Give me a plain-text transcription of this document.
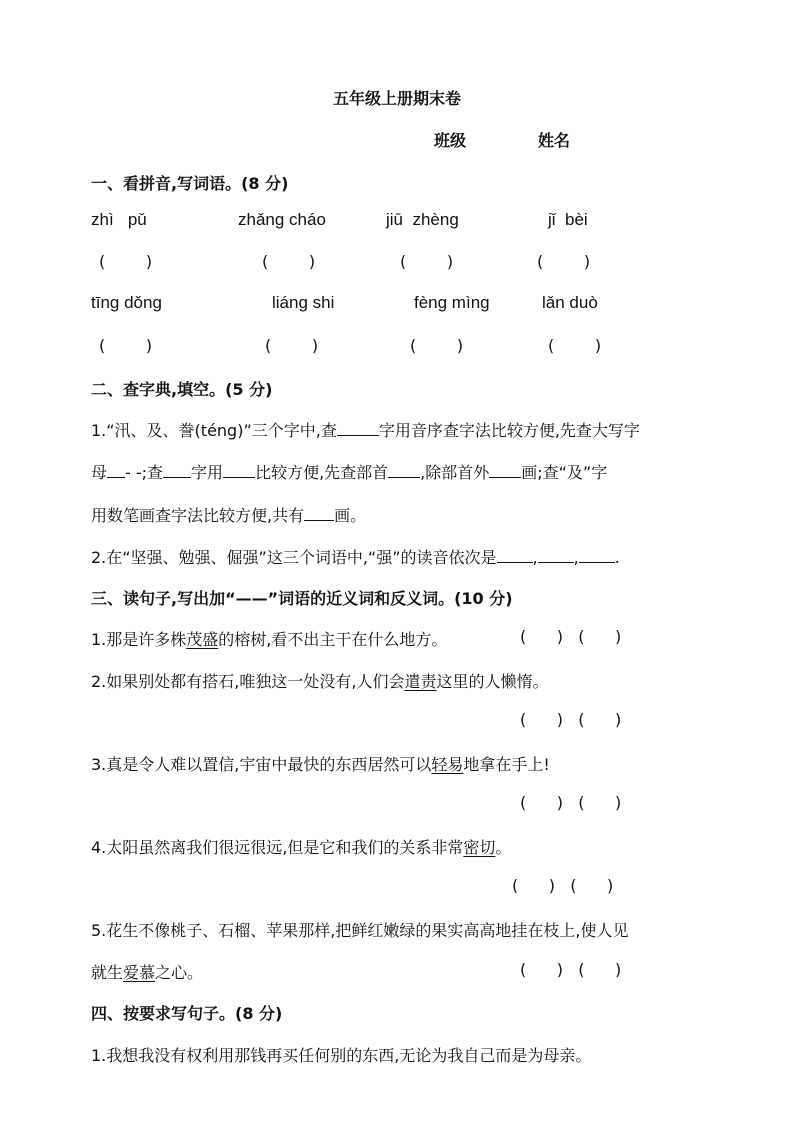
五年级上册期末卷
班级	姓名
一、看拼音,写词语。(8 分)
zhì   pǔ	zhǎng cháo	jiū  zhèng	jǐ  bèi
(        )	(        )	(        )	(        )
tīng dǒng	liáng shi	fèng mìng	lǎn duò
(        )	(        )	(        )	(        )
二、查字典,填空。(5 分)
1.“汛、及、誊(téng)”三个字中,查	字用音序查字法比较方便,先查大写字
母 - -;查 字用 比较方便,先查部首 ,除部首外 画;查“及”字
用数笔画查字法比较方便,共有 画。
2.在“坚强、勉强、倔强”这三个词语中,“强”的读音依次是 , , .
三、读句子,写出加“——”词语的近义词和反义词。(10 分)
1.那是许多株茂盛的榕树,看不出主干在什么地方。	(      )   (      )
2.如果别处都有搭石,唯独这一处没有,人们会遣责这里的人懒惰。
(      )   (      )
3.真是令人难以置信,宇宙中最快的东西居然可以轻易地拿在手上!
(      )   (      )
4.太阳虽然离我们很远很远,但是它和我们的关系非常密切。
(      )   (      )
5.花生不像桃子、石榴、苹果那样,把鲜红嫩绿的果实高高地挂在枝上,使人见
就生爱慕之心。	(      )   (      )
四、按要求写句子。(8 分)
1.我想我没有权利用那钱再买任何别的东西,无论为我自己而是为母亲。
